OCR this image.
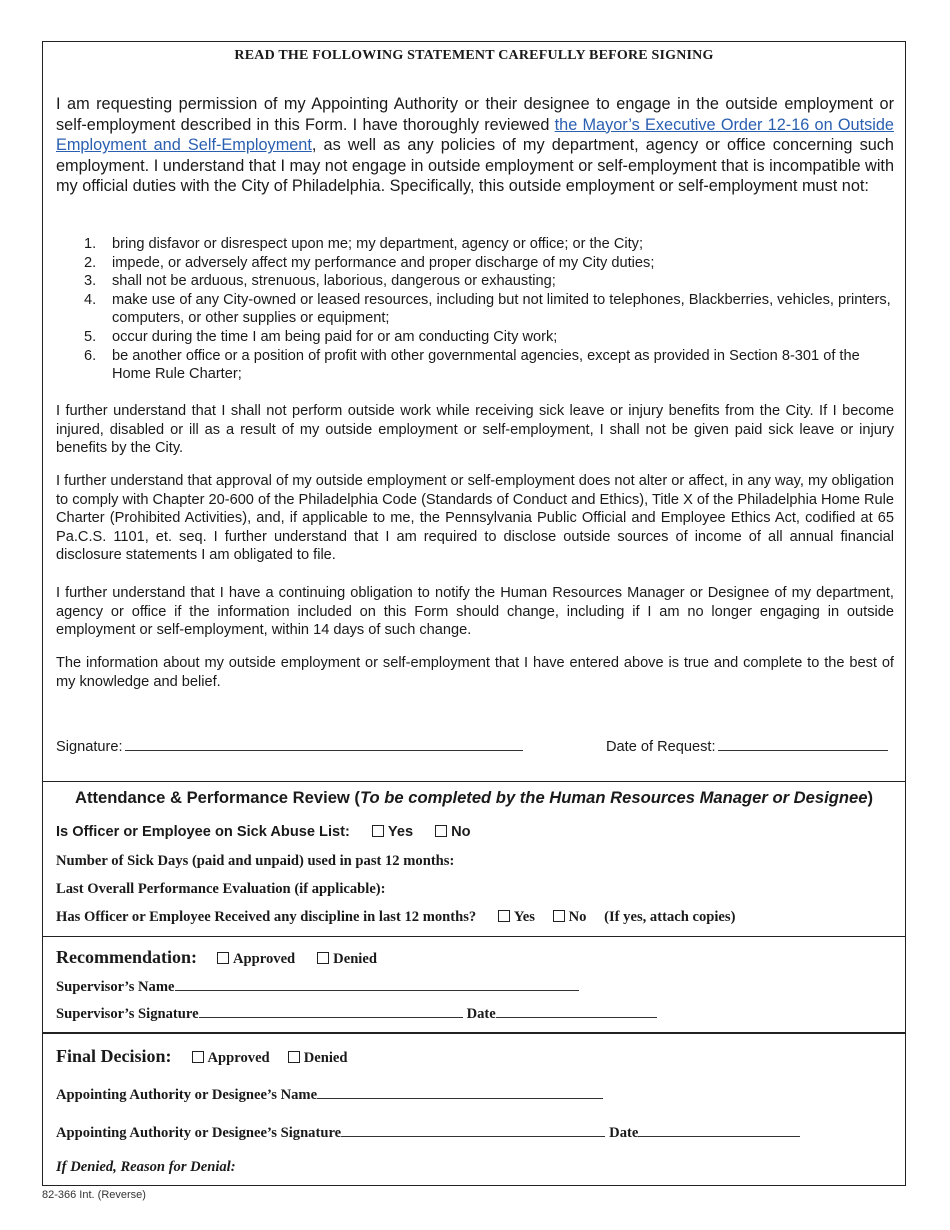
READ THE FOLLOWING STATEMENT CAREFULLY BEFORE SIGNING

I am requesting permission of my Appointing Authority or their designee to engage in the outside employment or self-employment described in this Form. I have thoroughly reviewed the Mayor’s Executive Order 12-16 on Outside Employment and Self-Employment, as well as any policies of my department, agency or office concerning such employment. I understand that I may not engage in outside employment or self-employment that is incompatible with my official duties with the City of Philadelphia. Specifically, this outside employment or self-employment must not:

1. bring disfavor or disrespect upon me; my department, agency or office; or the City;
2. impede, or adversely affect my performance and proper discharge of my City duties;
3. shall not be arduous, strenuous, laborious, dangerous or exhausting;
4. make use of any City-owned or leased resources, including but not limited to telephones, Blackberries, vehicles, printers, computers, or other supplies or equipment;
5. occur during the time I am being paid for or am conducting City work;
6. be another office or a position of profit with other governmental agencies, except as provided in Section 8-301 of the Home Rule Charter;

I further understand that I shall not perform outside work while receiving sick leave or injury benefits from the City. If I become injured, disabled or ill as a result of my outside employment or self-employment, I shall not be given paid sick leave or injury benefits by the City.

I further understand that approval of my outside employment or self-employment does not alter or affect, in any way, my obligation to comply with Chapter 20-600 of the Philadelphia Code (Standards of Conduct and Ethics), Title X of the Philadelphia Home Rule Charter (Prohibited Activities), and, if applicable to me, the Pennsylvania Public Official and Employee Ethics Act, codified at 65 Pa.C.S. 1101, et. seq. I further understand that I am required to disclose outside sources of income of all annual financial disclosure statements I am obligated to file.

I further understand that I have a continuing obligation to notify the Human Resources Manager or Designee of my department, agency or office if the information included on this Form should change, including if I am no longer engaging in outside employment or self-employment, within 14 days of such change.

The information about my outside employment or self-employment that I have entered above is true and complete to the best of my knowledge and belief.

Signature:	Date of Request:
Attendance & Performance Review (To be completed by the Human Resources Manager or Designee)
Is Officer or Employee on Sick Abuse List:	Yes	No
Number of Sick Days (paid and unpaid) used in past 12 months:
Last Overall Performance Evaluation (if applicable):
Has Officer or Employee Received any discipline in last 12 months?	Yes No (If yes, attach copies)
Recommendation: Approved	Denied
Supervisor’s Name
Supervisor’s Signature	Date
Final Decision: Approved Denied
Appointing Authority or Designee’s Name
Appointing Authority or Designee’s Signature	Date
If Denied, Reason for Denial:
82-366 Int. (Reverse)
